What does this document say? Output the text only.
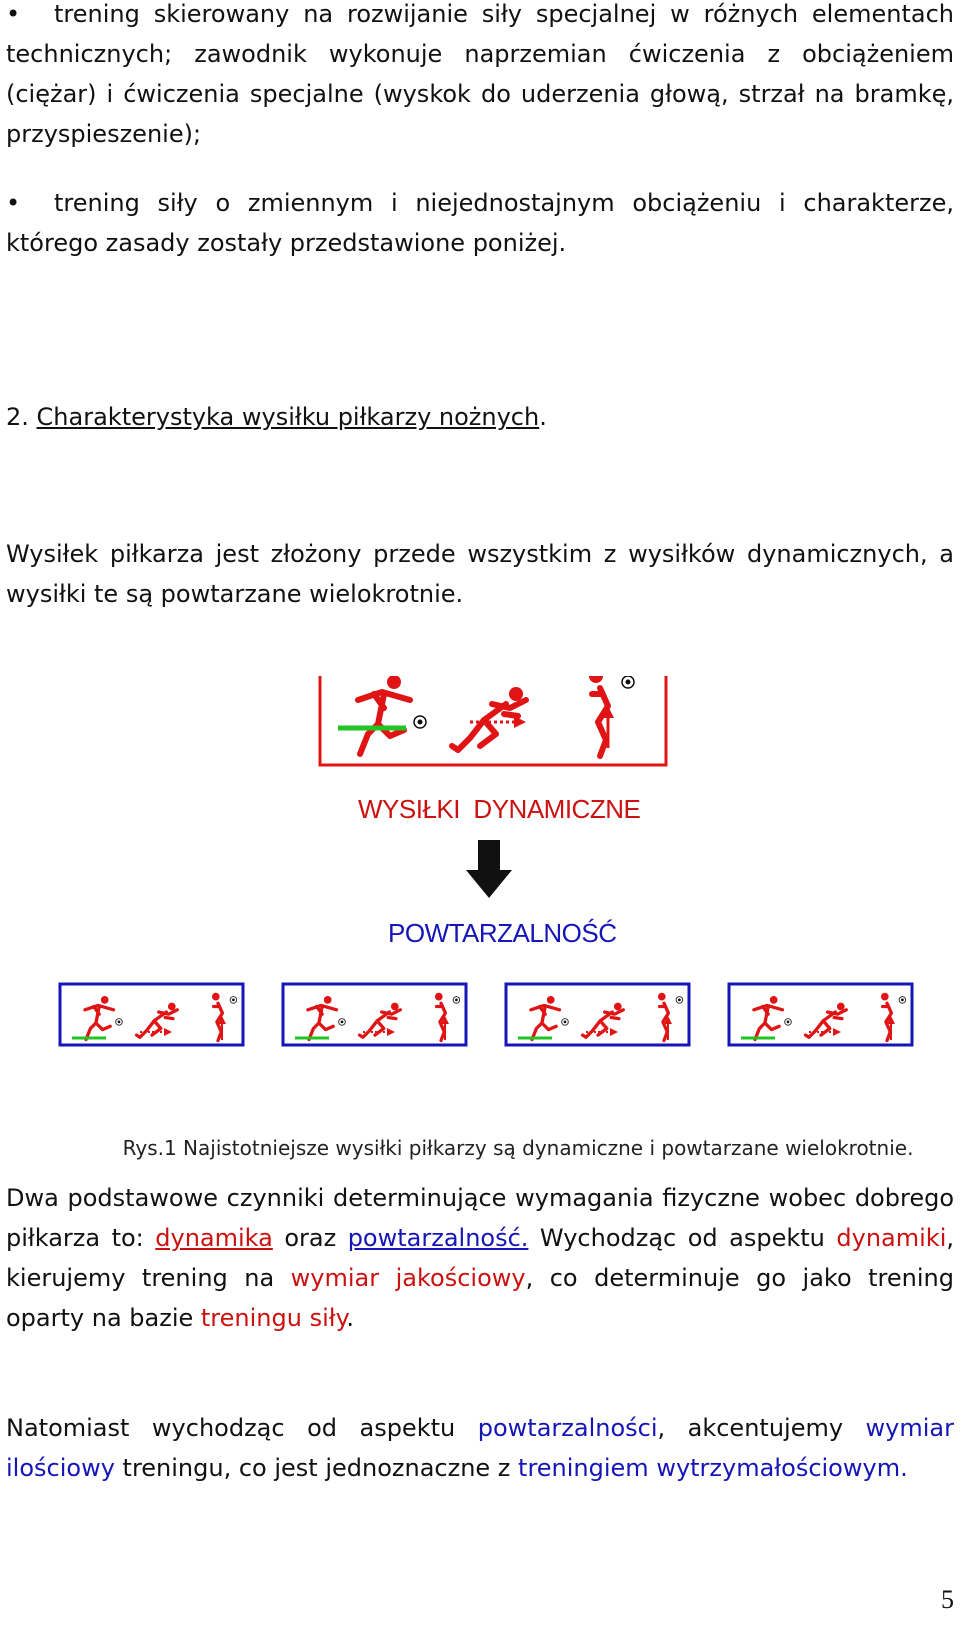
•	trening skierowany na rozwijanie siły specjalnej w różnych elementach technicznych; zawodnik wykonuje naprzemian ćwiczenia z obciążeniem (ciężar) i ćwiczenia specjalne (wyskok do uderzenia głową, strzał na bramkę, przyspieszenie);
•	trening siły o zmiennym i niejednostajnym obciążeniu i charakterze, którego zasady zostały przedstawione poniżej.
2. Charakterystyka wysiłku piłkarzy nożnych.
Wysiłek piłkarza jest złożony przede wszystkim z wysiłków dynamicznych, a wysiłki te są powtarzane wielokrotnie.
WYSIŁKI  DYNAMICZNE
POWTARZALNOŚĆ
Rys.1 Najistotniejsze wysiłki piłkarzy są dynamiczne i powtarzane wielokrotnie.
Dwa podstawowe czynniki determinujące wymagania fizyczne wobec dobrego piłkarza to: dynamika oraz powtarzalność. Wychodząc od aspektu dynamiki, kierujemy trening na wymiar jakościowy, co determinuje go jako trening oparty na bazie treningu siły.
Natomiast wychodząc od aspektu powtarzalności, akcentujemy wymiar ilościowy treningu, co jest jednoznaczne z treningiem wytrzymałościowym.
5
